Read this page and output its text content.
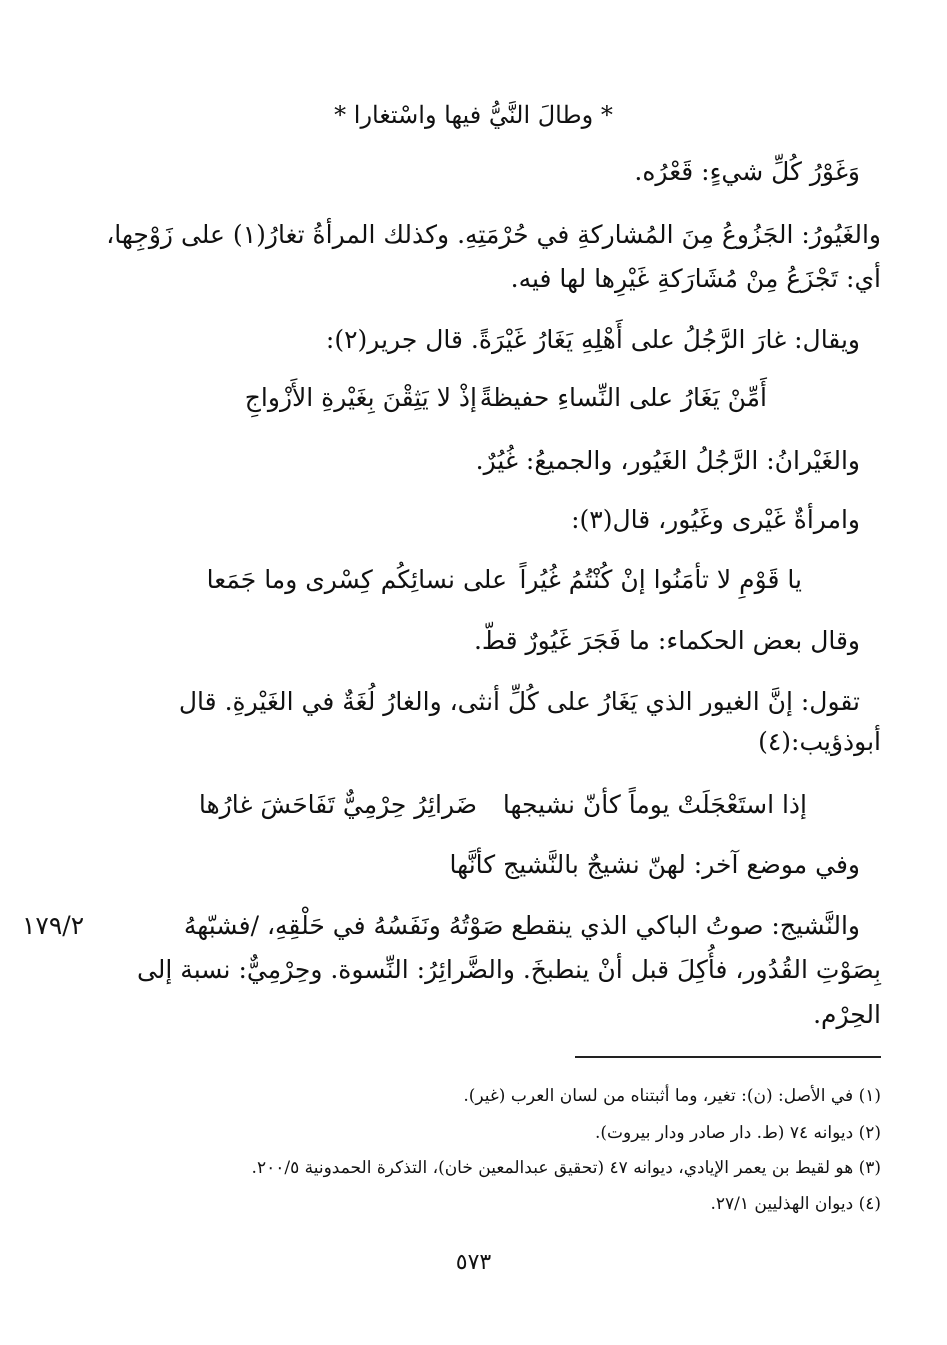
* وطالَ النَّيُّ فيها واسْتغارا *
وَغَوْرُ كُلِّ شيءٍ: قَعْرُه.
والغَيُورُ: الجَزُوعُ مِنَ المُشاركةِ في حُرْمَتِهِ. وكذلك المرأةُ تغارُ(١) على زَوْجِها،
أي: تَجْزَعُ مِنْ مُشَارَكةِ غَيْرِها لها فيه.
ويقال: غارَ الرَّجُلُ على أَهْلِهِ يَغَارُ غَيْرَةً. قال جرير(٢):
أَمِّنْ يَغَارُ على النِّساءِ حفيظةً
إذْ لا يَثِقْنَ بِغَيْرةِ الأَزْواجِ
والغَيْرانُ: الرَّجُلُ الغَيُور، والجميعُ: غُيُرٌ.
وامرأةٌ غَيْرى وغَيُور، قال(٣):
يا قَوْمِ لا تأمَنُوا إنْ كُنْتُمُ غُيُراً
على نسائِكُم كِسْرى وما جَمَعا
وقال بعض الحكماء: ما فَجَرَ غَيُورٌ قطّ.
تقول: إنَّ الغيور الذي يَغَارُ على كُلِّ أنثى، والغارُ لُغَةٌ في الغَيْرةِ. قال
أبوذؤيب:(٤)
إذا استَعْجَلَتْ يوماً كأنّ نشيجها
ضَرائِرُ حِرْمِيٌّ تَفَاحَشَ غارُها
وفي موضع آخر: لهنّ نشيجٌ بالنَّشيج كأنَّها
والنَّشيج: صوتُ الباكي الذي ينقطع صَوْتُهُ ونَفَسُهُ في حَلْقِهِ، /فشبّههُ
١٧٩/٢
بِصَوْتِ القُدُور، فأُكِلَ قبل أنْ ينطبخَ. والضَّرائِرُ: النِّسوة. وحِرْمِيٌّ: نسبة إلى
الحِرْم.
(١) في الأصل: (ن): تغير، وما أثبتناه من لسان العرب (غير).
(٢) ديوانه ٧٤ (ط. دار صادر ودار بيروت).
(٣) هو لقيط بن يعمر الإيادي، ديوانه ٤٧ (تحقيق عبدالمعين خان)، التذكرة الحمدونية ٢٠٠/٥.
(٤) ديوان الهذليين ٢٧/١.
٥٧٣
